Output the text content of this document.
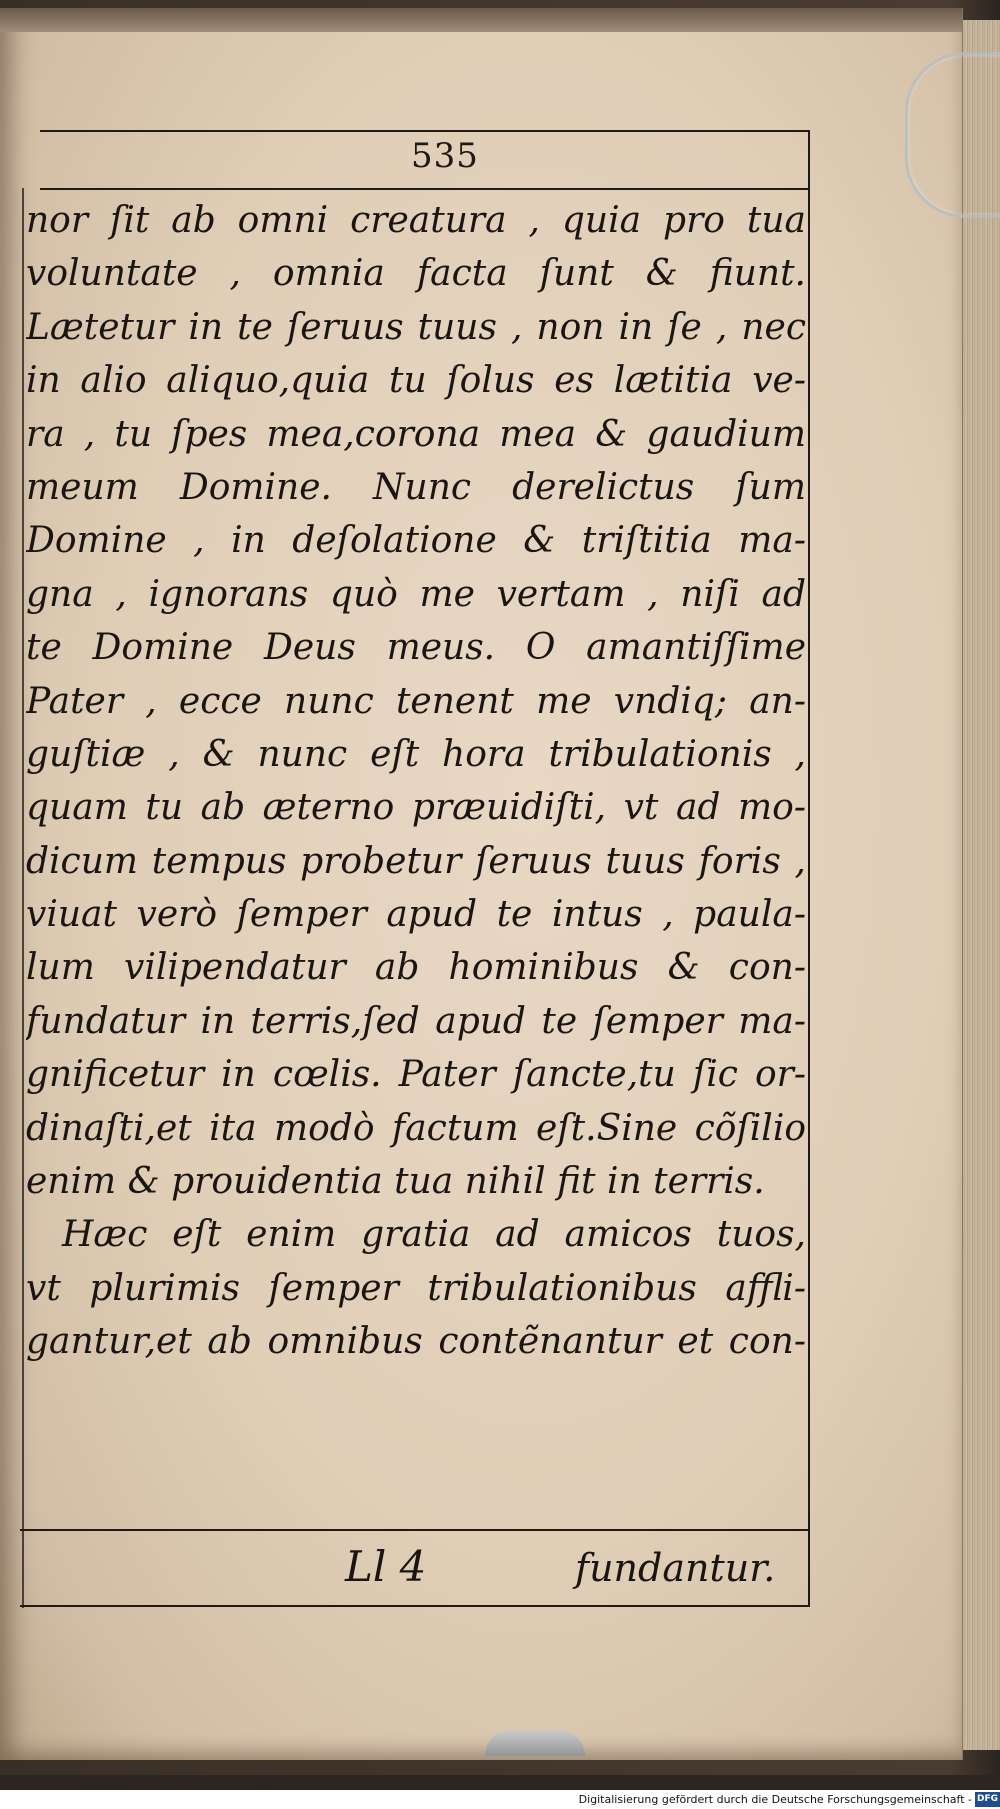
535
nor ſit ab omni creatura , quia pro tua
voluntate , omnia facta ſunt & fiunt.
Lætetur in te ſeruus tuus , non in ſe , nec
in alio aliquo,quia tu ſolus es lætitia ve-
ra , tu ſpes mea,corona mea & gaudium
meum Domine. Nunc derelictus ſum
Domine , in deſolatione & triſtitia ma-
gna , ignorans quò me vertam , niſi ad
te Domine Deus meus. O amantiſſime
Pater , ecce nunc tenent me vndiq; an-
guſtiæ , & nunc eſt hora tribulationis ,
quam tu ab æterno præuidiſti, vt ad mo-
dicum tempus probetur ſeruus tuus foris ,
viuat verò ſemper apud te intus , paula-
lum vilipendatur ab hominibus & con-
fundatur in terris,ſed apud te ſemper ma-
gnificetur in cœlis. Pater ſancte,tu ſic or-
dinaſti,et ita modò factum eſt.Sine cõſilio
enim & prouidentia tua nihil fit in terris.
Hæc eſt enim gratia ad amicos tuos,
vt plurimis ſemper tribulationibus affli-
gantur,et ab omnibus contẽnantur et con-
Ll 4	fundantur.
Digitalisierung gefördert durch die Deutsche Forschungsgemeinschaft - DFG
